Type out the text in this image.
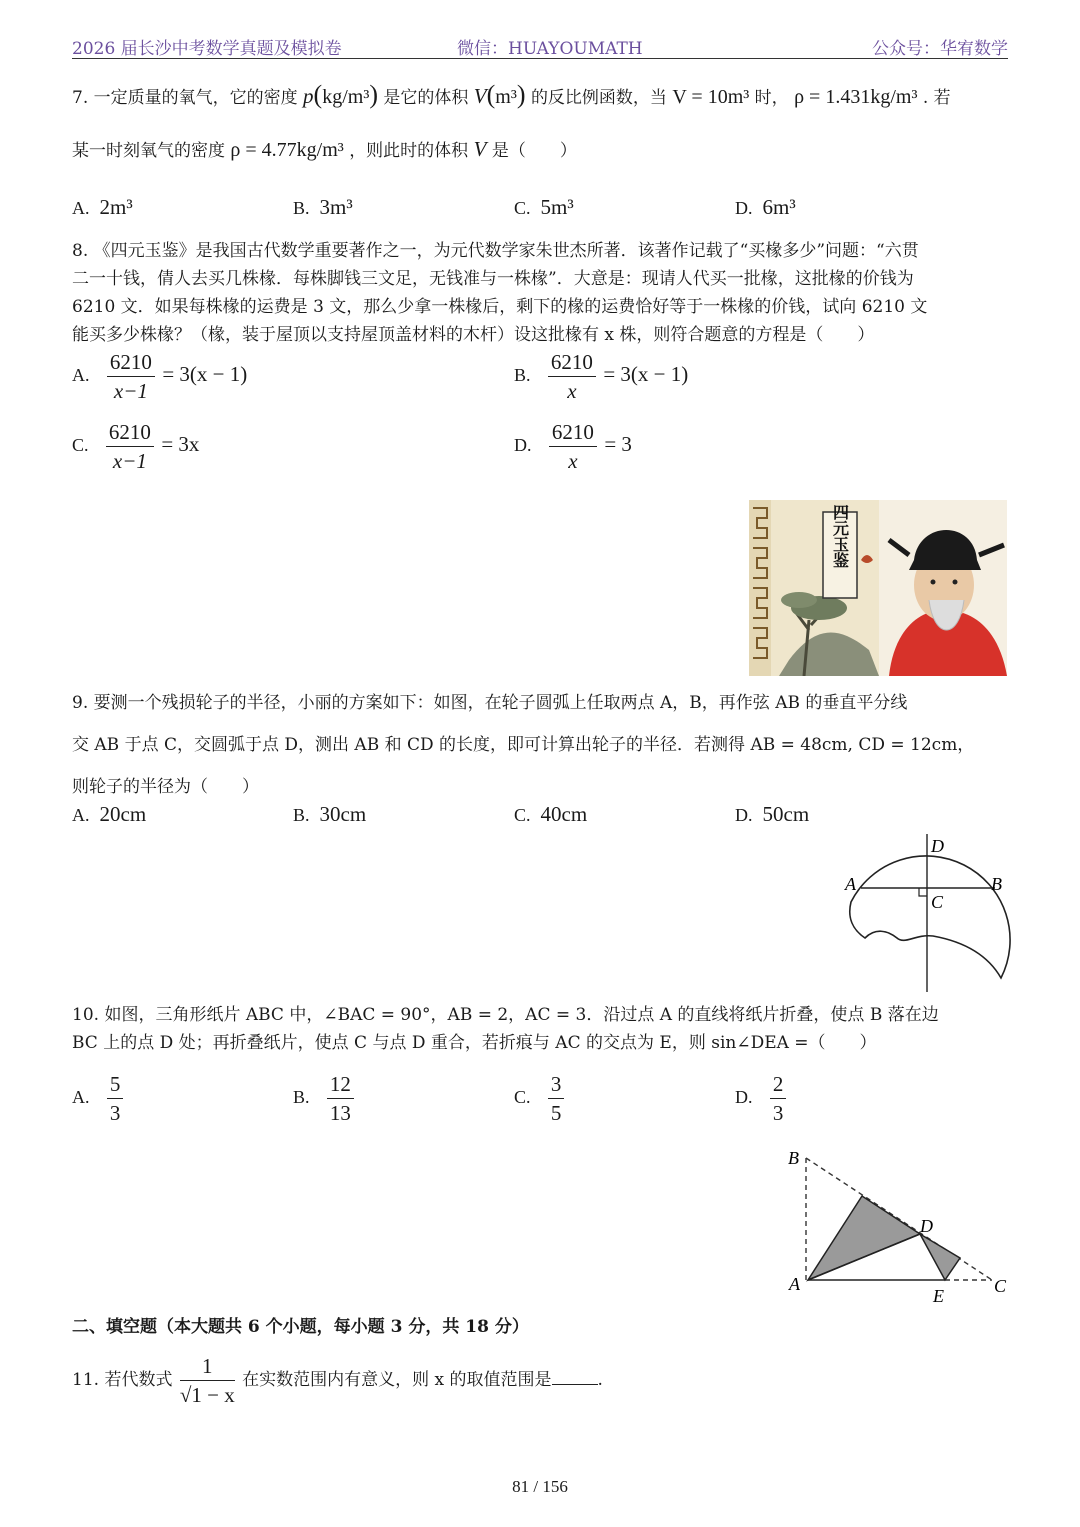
2026 届长沙中考数学真题及模拟卷	微信：HUAYOUMATH	公众号：华宥数学
7. 一定质量的氧气，它的密度 p(kg/m³) 是它的体积 V(m³) 的反比例函数，当 V = 10m³ 时， ρ = 1.431kg/m³ . 若
某一时刻氧气的密度 ρ = 4.77kg/m³ ，则此时的体积 V 是（　　）
A. 2m³	B. 3m³	C. 5m³	D. 6m³
8. 《四元玉鉴》是我国古代数学重要著作之一，为元代数学家朱世杰所著．该著作记载了“买椽多少”问题：“六贯
二一十钱，倩人去买几株椽．每株脚钱三文足，无钱准与一株椽”．大意是：现请人代买一批椽，这批椽的价钱为
6210 文．如果每株椽的运费是 3 文，那么少拿一株椽后，剩下的椽的运费恰好等于一株椽的价钱，试向 6210 文
能买多少株椽？（椽，装于屋顶以支持屋顶盖材料的木杆）设这批椽有 x 株，则符合题意的方程是（　　）
A. $\frac{6210}{x-1} = 3(x - 1)$	B. $\frac{6210}{x} = 3(x - 1)$
C. $\frac{6210}{x-1} = 3x$	D. $\frac{6210}{x} = 3$
四元玉鉴
9. 要测一个残损轮子的半径，小丽的方案如下：如图，在轮子圆弧上任取两点 A，B，再作弦 AB 的垂直平分线
交 AB 于点 C，交圆弧于点 D，测出 AB 和 CD 的长度，即可计算出轮子的半径．若测得 AB = 48cm, CD = 12cm，
则轮子的半径为（　　）
A. 20cm	B. 30cm	C. 40cm	D. 50cm
D
A	B
C
10. 如图，三角形纸片 ABC 中，∠BAC = 90°，AB = 2，AC = 3．沿过点 A 的直线将纸片折叠，使点 B 落在边
BC 上的点 D 处；再折叠纸片，使点 C 与点 D 重合，若折痕与 AC 的交点为 E，则 sin∠DEA =（　　）
A. $\frac{5}{3}$	B. $\frac{12}{13}$	C. $\frac{3}{5}$	D. $\frac{2}{3}$
B
D
A
E	C
二、填空题（本大题共 6 个小题，每小题 3 分，共 18 分）
11. 若代数式 $\frac{1}{√1 - x}$ 在实数范围内有意义，则 x 的取值范围是	.
81 / 156
